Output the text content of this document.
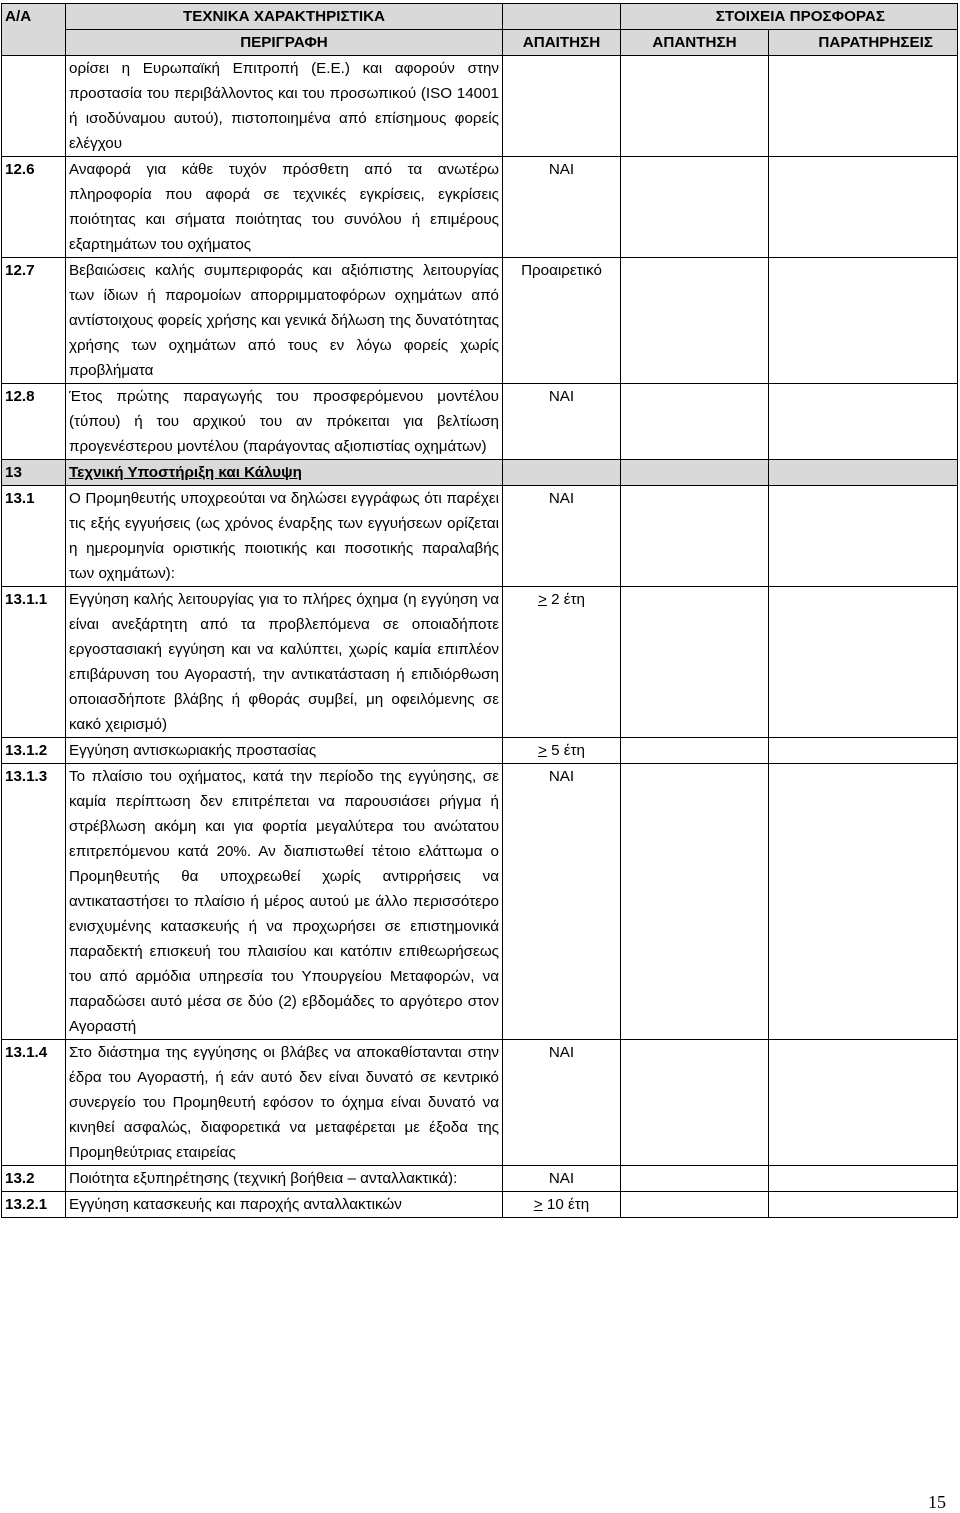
Α/Α	ΤΕΧΝΙΚΑ ΧΑΡΑΚΤΗΡΙΣΤΙΚΑ		ΣΤΟΙΧΕΙΑ ΠΡΟΣΦΟΡΑΣ	
	ΠΕΡΙΓΡΑΦΗ	ΑΠΑΙΤΗΣΗ	ΑΠΑΝΤΗΣΗ	ΠΑΡΑΤΗΡΗΣΕΙΣ
	ορίσει η Ευρωπαϊκή Επιτροπή (Ε.Ε.) και αφορούν στην προστασία του περιβάλλοντος και του προσωπικού (ISO 14001 ή ισοδύναμου αυτού), πιστοποιημένα από επίσημους φορείς ελέγχου			
12.6	Αναφορά για κάθε τυχόν πρόσθετη από τα ανωτέρω πληροφορία που αφορά σε τεχνικές εγκρίσεις, εγκρίσεις ποιότητας και σήματα ποιότητας του συνόλου ή επιμέρους εξαρτημάτων του οχήματος	ΝΑΙ		
12.7	Βεβαιώσεις καλής συμπεριφοράς και αξιόπιστης λειτουργίας των ίδιων ή παρομοίων απορριμματοφόρων οχημάτων από αντίστοιχους φορείς χρήσης και γενικά δήλωση της δυνατότητας χρήσης των οχημάτων από τους εν λόγω φορείς χωρίς προβλήματα	Προαιρετικό		
12.8	Έτος πρώτης παραγωγής του προσφερόμενου μοντέλου (τύπου) ή του αρχικού του αν πρόκειται για βελτίωση προγενέστερου μοντέλου (παράγοντας αξιοπιστίας οχημάτων)	ΝΑΙ		
13	Τεχνική Υποστήριξη και Κάλυψη			
13.1	Ο Προμηθευτής υποχρεούται να δηλώσει εγγράφως ότι παρέχει τις εξής εγγυήσεις (ως χρόνος έναρξης των εγγυήσεων ορίζεται η ημερομηνία οριστικής ποιοτικής και ποσοτικής παραλαβής των οχημάτων):	ΝΑΙ		
13.1.1	Εγγύηση καλής λειτουργίας για το πλήρες όχημα (η εγγύηση να είναι ανεξάρτητη από τα προβλεπόμενα σε οποιαδήποτε εργοστασιακή εγγύηση και να καλύπτει, χωρίς καμία επιπλέον επιβάρυνση του Αγοραστή, την αντικατάσταση ή επιδιόρθωση οποιασδήποτε βλάβης ή φθοράς συμβεί, μη οφειλόμενης σε κακό χειρισμό)	> 2 έτη		
13.1.2	Εγγύηση αντισκωριακής προστασίας	> 5 έτη		
13.1.3	Το πλαίσιο του οχήματος, κατά την περίοδο της εγγύησης, σε καμία περίπτωση δεν επιτρέπεται να παρουσιάσει ρήγμα ή στρέβλωση ακόμη και για φορτία μεγαλύτερα του ανώτατου επιτρεπόμενου κατά 20%. Αν διαπιστωθεί τέτοιο ελάττωμα ο Προμηθευτής θα υποχρεωθεί χωρίς αντιρρήσεις να αντικαταστήσει το πλαίσιο ή μέρος αυτού με άλλο περισσότερο ενισχυμένης κατασκευής ή να προχωρήσει σε επιστημονικά παραδεκτή επισκευή του πλαισίου και κατόπιν επιθεωρήσεως του από αρμόδια υπηρεσία του Υπουργείου Μεταφορών, να παραδώσει αυτό μέσα σε δύο (2) εβδομάδες το αργότερο στον Αγοραστή	ΝΑΙ		
13.1.4	Στο διάστημα της εγγύησης οι βλάβες να αποκαθίστανται στην έδρα του Αγοραστή, ή εάν αυτό δεν είναι δυνατό σε κεντρικό συνεργείο του Προμηθευτή εφόσον το όχημα είναι δυνατό να κινηθεί ασφαλώς, διαφορετικά να μεταφέρεται με έξοδα της Προμηθεύτριας εταιρείας	ΝΑΙ		
13.2	Ποιότητα εξυπηρέτησης (τεχνική βοήθεια – ανταλλακτικά):	ΝΑΙ		
13.2.1	Εγγύηση κατασκευής και παροχής ανταλλακτικών	> 10 έτη		
15
